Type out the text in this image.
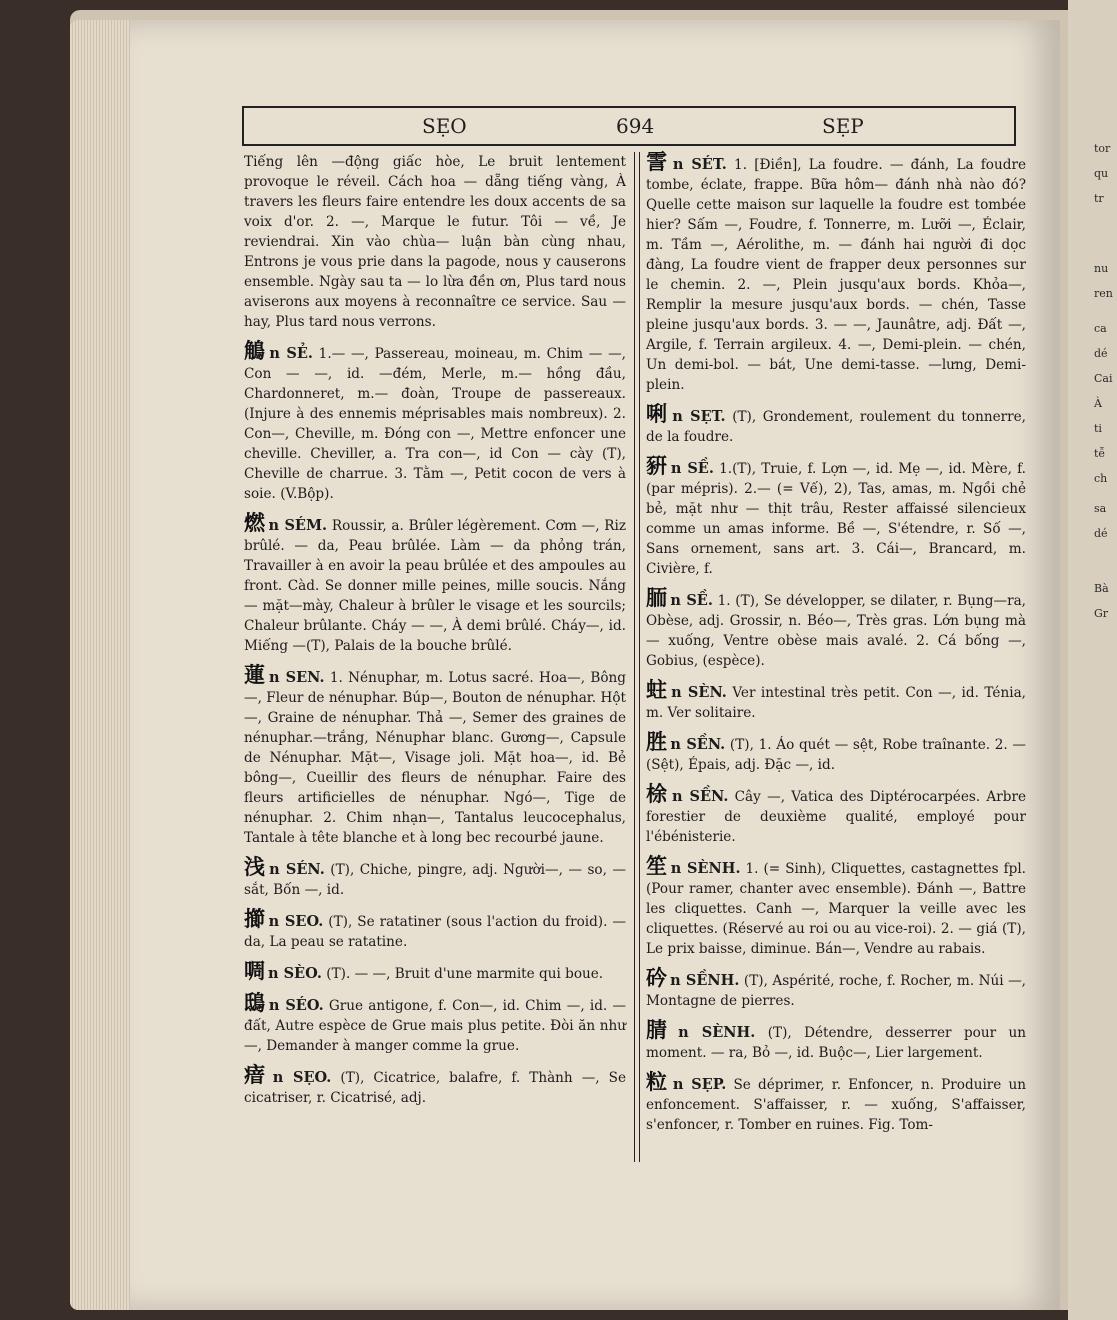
tor
qu
tr
nu
ren
ca
dé
Cai
À
ti
tễ
ch
sa
dé
Bà
Gr
SẸO	694	SẸP

Tiếng lên —động giấc hòe, Le bruit lentement provoque le réveil. Cách hoa — dẵng tiếng vàng, À travers les fleurs faire entendre les doux accents de sa voix d'or. 2. —, Marque le futur. Tôi — về, Je reviendrai. Xin vào chùa— luận bàn cùng nhau, Entrons je vous prie dans la pagode, nous y causerons ensemble. Ngày sau ta — lo lừa đền ơn, Plus tard nous aviserons aux moyens à reconnaître ce service. Sau — hay, Plus tard nous verrons.

鵤 n SẺ. 1.— —, Passereau, moineau, m. Chim — —, Con — —, id. —đém, Merle, m.— hồng đầu, Chardonneret, m.— đoàn, Troupe de passereaux. (Injure à des ennemis méprisables mais nombreux). 2. Con—, Cheville, m. Đóng con —, Mettre enfoncer une cheville. Cheviller, a. Tra con—, id Con — cày (T), Cheville de charrue. 3. Tằm —, Petit cocon de vers à soie. (V.Bộp).

燃 n SÉM. Roussir, a. Brûler légèrement. Cơm —, Riz brûlé. — da, Peau brûlée. Làm — da phỏng trán, Travailler à en avoir la peau brûlée et des ampoules au front. Càd. Se donner mille peines, mille soucis. Nắng — mặt—mày, Chaleur à brûler le visage et les sourcils; Chaleur brûlante. Cháy — —, À demi brûlé. Cháy—, id. Miếng —(T), Palais de la bouche brûlé.

蓮 n SEN. 1. Nénuphar, m. Lotus sacré. Hoa—, Bông—, Fleur de nénuphar. Búp—, Bouton de nénuphar. Hột —, Graine de nénuphar. Thả —, Semer des graines de nénuphar.—trắng, Nénuphar blanc. Gương—, Capsule de Nénuphar. Mặt—, Visage joli. Mặt hoa—, id. Bẻ bông—, Cueillir des fleurs de nénuphar. Faire des fleurs artificielles de nénuphar. Ngó—, Tige de nénuphar. 2. Chim nhạn—, Tantalus leucocephalus, Tantale à tête blanche et à long bec recourbé jaune.

浅 n SÉN. (T), Chiche, pingre, adj. Người—, — so, —sắt, Bốn —, id.

擳 n SEO. (T), Se ratatiner (sous l'action du froid). — da, La peau se ratatine.

啁 n SÈO. (T). — —, Bruit d'une marmite qui boue.

鴟 n SÉO. Grue antigone, f. Con—, id. Chim —, id. — đất, Autre espèce de Grue mais plus petite. Đòi ăn như—, Demander à manger comme la grue.

瘖 n SẸO. (T), Cicatrice, balafre, f. Thành —, Se cicatriser, r. Cicatrisé, adj.

霅 n SÉT. 1. [Điền], La foudre. — đánh, La foudre tombe, éclate, frappe. Bữa hôm— đánh nhà nào đó? Quelle cette maison sur laquelle la foudre est tombée hier? Sấm —, Foudre, f. Tonnerre, m. Lưỡi —, Éclair, m. Tầm —, Aérolithe, m. — đánh hai người đi dọc đàng, La foudre vient de frapper deux personnes sur le chemin. 2. —, Plein jusqu'aux bords. Khỏa—, Remplir la mesure jusqu'aux bords. — chén, Tasse pleine jusqu'aux bords. 3. — —, Jaunâtre, adj. Đất —, Argile, f. Terrain argileux. 4. —, Demi-plein. — chén, Un demi-bol. — bát, Une demi-tasse. —lưng, Demi-plein.

唎 n SẸT. (T), Grondement, roulement du tonnerre, de la foudre.

豣 n SỀ. 1.(T), Truie, f. Lợn —, id. Mẹ —, id. Mère, f. (par mépris). 2.— (= Vế), 2), Tas, amas, m. Ngồi chẻ bẻ, mặt như — thịt trâu, Rester affaissé silencieux comme un amas informe. Bề —, S'étendre, r. Số —, Sans ornement, sans art. 3. Cái—, Brancard, m. Civière, f.

胹 n SỀ. 1. (T), Se développer, se dilater, r. Bụng—ra, Obèse, adj. Grossir, n. Béo—, Très gras. Lớn bụng mà — xuống, Ventre obèse mais avalé. 2. Cá bống —, Gobius, (espèce).

蛀 n SÈN. Ver intestinal très petit. Con —, id. Ténia, m. Ver solitaire.

胜 n SỀN. (T), 1. Áo quét — sệt, Robe traînante. 2. — (Sệt), Épais, adj. Đặc —, id.

梌 n SỀN. Cây —, Vatica des Diptérocarpées. Arbre forestier de deuxième qualité, employé pour l'ébénisterie.

笙 n SÈNH. 1. (= Sinh), Cliquettes, castagnettes fpl. (Pour ramer, chanter avec ensemble). Đánh —, Battre les cliquettes. Canh —, Marquer la veille avec les cliquettes. (Réservé au roi ou au vice-roi). 2. — giá (T), Le prix baisse, diminue. Bán—, Vendre au rabais.

砛 n SỀNH. (T), Aspérité, roche, f. Rocher, m. Núi —, Montagne de pierres.

腈 n SÈNH. (T), Détendre, desserrer pour un moment. — ra, Bỏ —, id. Buộc—, Lier largement.

粒 n SẸP. Se déprimer, r. Enfoncer, n. Produire un enfoncement. S'affaisser, r. — xuống, S'affaisser, s'enfoncer, r. Tomber en ruines. Fig. Tom-
